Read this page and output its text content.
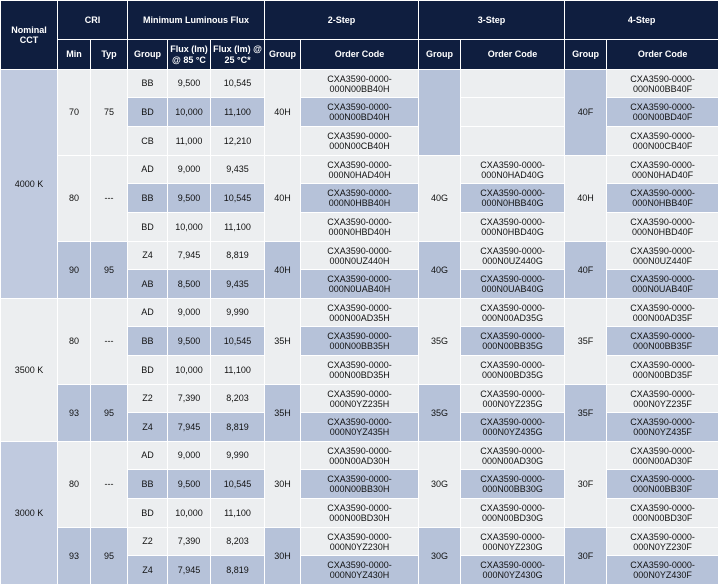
Nominal CCT	CRI		Minimum Luminous Flux			2-Step		3-Step		4-Step	
	Min	Typ	Group	Flux (lm) @ 85 °C	Flux (lm) @ 25 °C*	Group	Order Code	Group	Order Code	Group	Order Code
4000 K	70	75	BB	9,500	10,545	40H	CXA3590-0000-000N00BB40H			40F	CXA3590-0000-000N00BB40F
			BD	10,000	11,100		CXA3590-0000-000N00BD40H				CXA3590-0000-000N00BD40F
			CB	11,000	12,210		CXA3590-0000-000N00CB40H				CXA3590-0000-000N00CB40F
	80	---	AD	9,000	9,435	40H	CXA3590-0000-000N0HAD40H	40G	CXA3590-0000-000N0HAD40G	40H	CXA3590-0000-000N0HAD40F
			BB	9,500	10,545		CXA3590-0000-000N0HBB40H		CXA3590-0000-000N0HBB40G		CXA3590-0000-000N0HBB40F
			BD	10,000	11,100		CXA3590-0000-000N0HBD40H		CXA3590-0000-000N0HBD40G		CXA3590-0000-000N0HBD40F
	90	95	Z4	7,945	8,819	40H	CXA3590-0000-000N0UZ440H	40G	CXA3590-0000-000N0UZ440G	40F	CXA3590-0000-000N0UZ440F
			AB	8,500	9,435		CXA3590-0000-000N0UAB40H		CXA3590-0000-000N0UAB40G		CXA3590-0000-000N0UAB40F
3500 K	80	---	AD	9,000	9,990	35H	CXA3590-0000-000N00AD35H	35G	CXA3590-0000-000N00AD35G	35F	CXA3590-0000-000N00AD35F
			BB	9,500	10,545		CXA3590-0000-000N00BB35H		CXA3590-0000-000N00BB35G		CXA3590-0000-000N00BB35F
			BD	10,000	11,100		CXA3590-0000-000N00BD35H		CXA3590-0000-000N00BD35G		CXA3590-0000-000N00BD35F
	93	95	Z2	7,390	8,203	35H	CXA3590-0000-000N0YZ235H	35G	CXA3590-0000-000N0YZ235G	35F	CXA3590-0000-000N0YZ235F
			Z4	7,945	8,819		CXA3590-0000-000N0YZ435H		CXA3590-0000-000N0YZ435G		CXA3590-0000-000N0YZ435F
3000 K	80	---	AD	9,000	9,990	30H	CXA3590-0000-000N00AD30H	30G	CXA3590-0000-000N00AD30G	30F	CXA3590-0000-000N00AD30F
			BB	9,500	10,545		CXA3590-0000-000N00BB30H		CXA3590-0000-000N00BB30G		CXA3590-0000-000N00BB30F
			BD	10,000	11,100		CXA3590-0000-000N00BD30H		CXA3590-0000-000N00BD30G		CXA3590-0000-000N00BD30F
	93	95	Z2	7,390	8,203	30H	CXA3590-0000-000N0YZ230H	30G	CXA3590-0000-000N0YZ230G	30F	CXA3590-0000-000N0YZ230F
			Z4	7,945	8,819		CXA3590-0000-000N0YZ430H		CXA3590-0000-000N0YZ430G		CXA3590-0000-000N0YZ430F
